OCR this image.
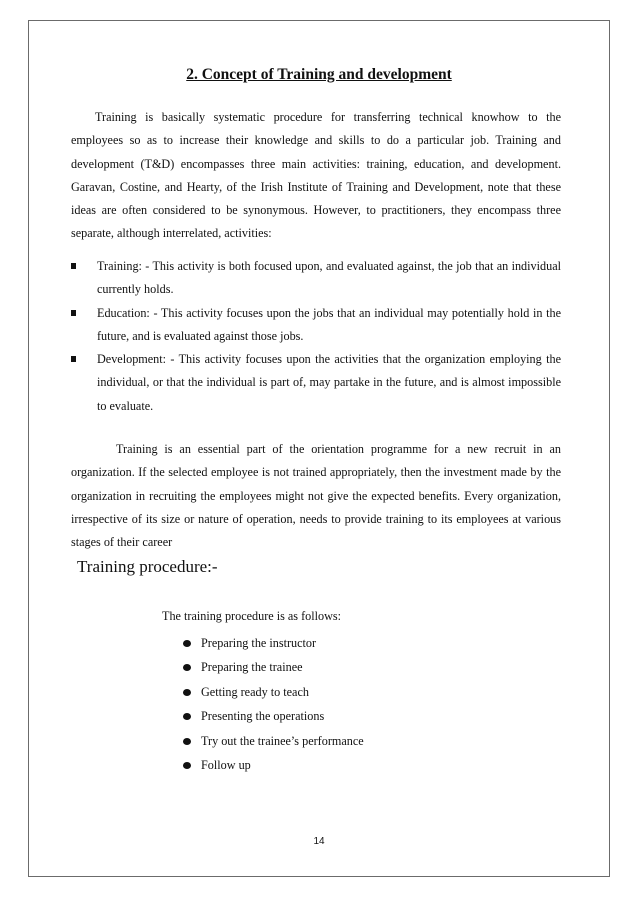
2. Concept of Training and development

Training is basically systematic procedure for transferring technical knowhow to the employees so as to increase their knowledge and skills to do a particular job. Training and development (T&D) encompasses three main activities: training, education, and development. Garavan, Costine, and Hearty, of the Irish Institute of Training and Development, note that these ideas are often considered to be synonymous. However, to practitioners, they encompass three separate, although interrelated, activities:

Training: - This activity is both focused upon, and evaluated against, the job that an individual currently holds.
Education: - This activity focuses upon the jobs that an individual may potentially hold in the future, and is evaluated against those jobs.
Development: - This activity focuses upon the activities that the organization employing the individual, or that the individual is part of, may partake in the future, and is almost impossible to evaluate.

Training is an essential part of the orientation programme for a new recruit in an organization. If the selected employee is not trained appropriately, then the investment made by the organization in recruiting the employees might not give the expected benefits. Every organization, irrespective of its size or nature of operation, needs to provide training to its employees at various stages of their career

Training procedure:-
The training procedure is as follows:
Preparing the instructor
Preparing the trainee
Getting ready to teach
Presenting the operations
Try out the trainee’s performance
Follow up
14
